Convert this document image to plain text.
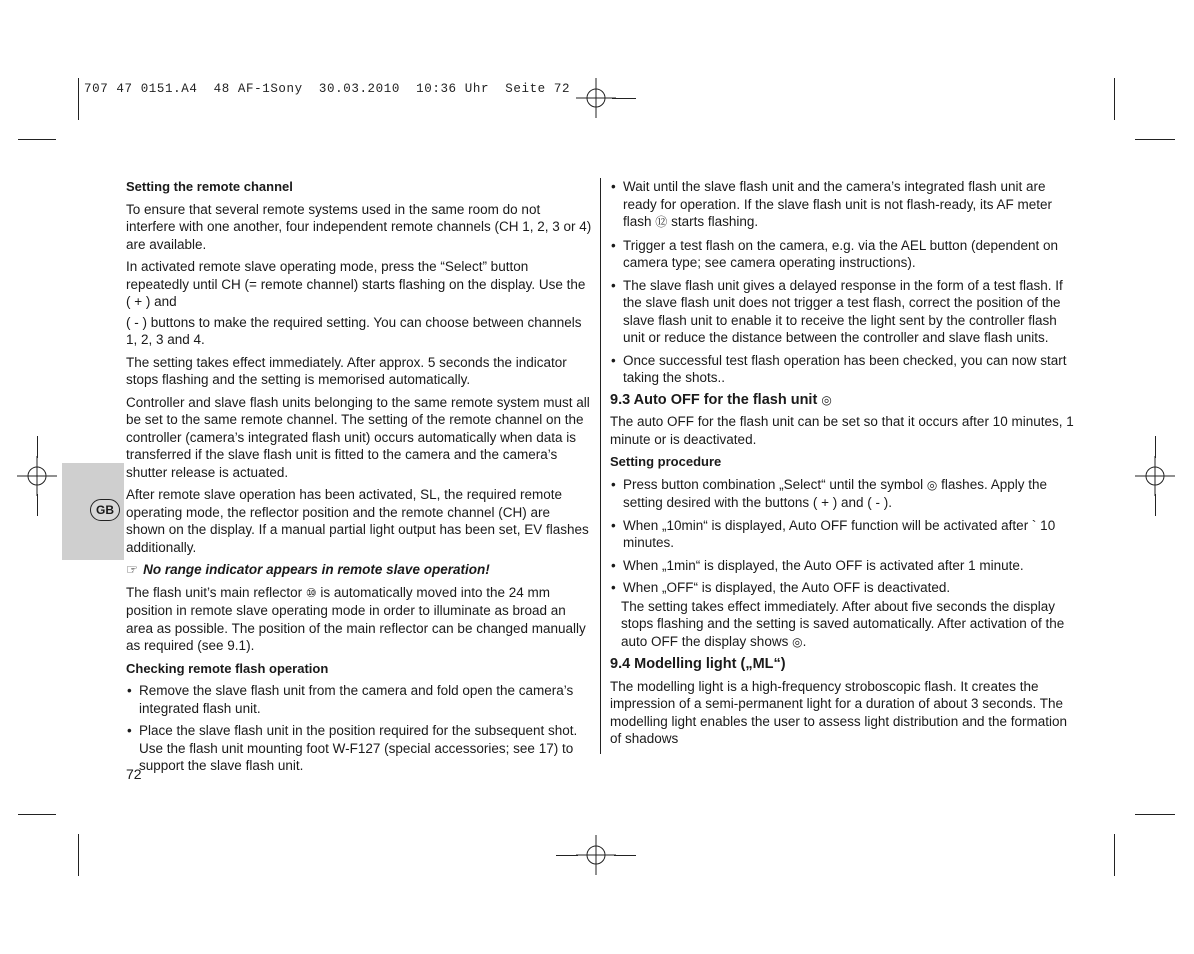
707 47 0151.A4  48 AF-1Sony  30.03.2010  10:36 Uhr  Seite 72
GB
Setting the remote channel
To ensure that several remote systems used in the same room do not interfere with one another, four independent remote channels (CH 1, 2, 3 or 4) are available.
In activated remote slave operating mode, press the “Select” button repeatedly until CH (= remote channel) starts flashing on the display. Use the ( + ) and
( - ) buttons to make the required setting. You can choose between channels 1, 2, 3 and 4.
The setting takes effect immediately. After approx. 5 seconds the indicator stops flashing and the setting is memorised automatically.
Controller and slave flash units belonging to the same remote system must all be set to the same remote channel. The setting of the remote channel on the controller (camera’s integrated flash unit) occurs automatically when data is transferred if the slave flash unit is fitted to the camera and the camera’s shutter release is actuated.
After remote slave operation has been activated, SL, the required remote operating mode, the reflector position and the remote channel (CH) are shown on the display. If a manual partial light output has been set, EV flashes additionally.
☞ No range indicator appears in remote slave operation!
The flash unit’s main reflector ⑩ is automatically moved into the 24 mm position in remote slave operating mode in order to illuminate as broad an area as possible. The position of the main reflector can be changed manually as required (see 9.1).
Checking remote flash operation
• Remove the slave flash unit from the camera and fold open the camera’s integrated flash unit.
• Place the slave flash unit in the position required for the subsequent shot. Use the flash unit mounting foot W-F127 (special accessories; see 17) to support the slave flash unit.
• Wait until the slave flash unit and the camera’s integrated flash unit are ready for operation. If the slave flash unit is not flash-ready, its AF meter flash ⑫ starts flashing.
• Trigger a test flash on the camera, e.g. via the AEL button (dependent on camera type; see camera operating instructions).
• The slave flash unit gives a delayed response in the form of a test flash. If the slave flash unit does not trigger a test flash, correct the position of the slave flash unit to enable it to receive the light sent by the controller flash unit or reduce the distance between the controller and slave flash units.
• Once successful test flash operation has been checked, you can now start taking the shots..
9.3 Auto OFF for the flash unit ◎
The auto OFF for the flash unit can be set so that it occurs after 10 minutes, 1 minute or is deactivated.
Setting procedure
• Press button combination „Select“ until the symbol ◎ flashes. Apply the setting desired with the buttons ( + ) and ( - ).
• When „10min“ is displayed, Auto OFF function will be activated after ` 10 minutes.
• When „1min“ is displayed, the Auto OFF is activated after 1 minute.
• When „OFF“ is displayed, the Auto OFF is deactivated.
The setting takes effect immediately. After about five seconds the display stops flashing and the setting is saved automatically. After activation of the auto OFF the display shows ◎.
9.4 Modelling light („ML“)
The modelling light is a high-frequency stroboscopic flash. It creates the impression of a semi-permanent light for a duration of about 3 seconds. The modelling light enables the user to assess light distribution and the formation of shadows
72
